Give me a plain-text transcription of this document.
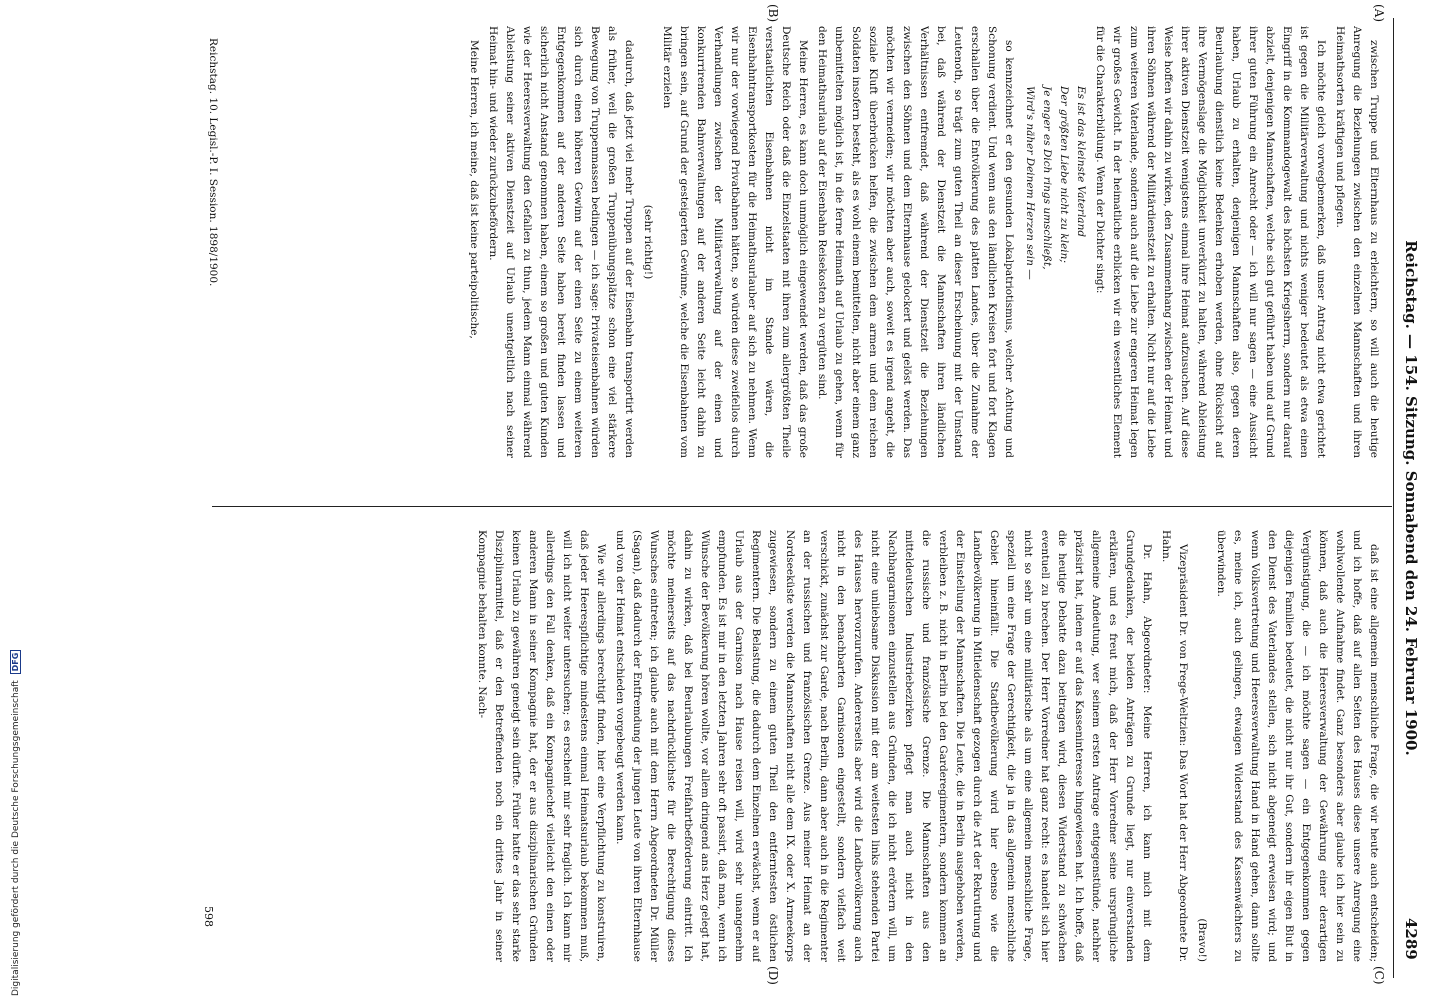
Reichstag. — 154. Sitzung. Sonnabend den 24. Februar 1900.
4289
(A)
(B)
(C)
(D)

zwischen Truppe und Elternhaus zu erleichtern, so will auch die heutige Anregung die Beziehungen zwischen den einzelnen Mannschaften und ihren Heimathsorten kräftigen und pflegen.

Ich möchte gleich vorwegbemerken, daß unser Antrag nicht etwa gerichtet ist gegen die Militärverwaltung und nichts weniger bedeutet als etwa einen Eingriff in die Kommandogewalt des höchsten Kriegsherrn, sondern nur darauf abzielt, denjenigen Mannschaften, welche sich gut geführt haben und auf Grund ihrer guten Führung ein Anrecht oder — ich will nur sagen — eine Aussicht haben, Urlaub zu erhalten, denjenigen Mannschaften also, gegen deren Beurlaubung dienstlich keine Bedenken erhoben werden, ohne Rücksicht auf ihre Vermögenslage die Möglichkeit unverkürzt zu halten, während Ableistung ihrer aktiven Dienstzeit wenigstens einmal ihre Heimat aufzusuchen. Auf diese Weise hoffen wir dahin zu wirken, den Zusammenhang zwischen der Heimat und ihren Söhnen während der Militärdienstzeit zu erhalten. Nicht nur auf die Liebe zum weiteren Vaterlande, sondern auch auf die Liebe zur engeren Heimat legen wir großes Gewicht. In der heimatliche erblicken wir ein wesentliches Element für die Charakterbildung. Wenn der Dichter singt:

Es ist das kleinste Vaterland
Der größten Liebe nicht zu klein;
Je enger es Dich rings umschließt,
Wird's näher Deinem Herzen sein —

so kennzeichnet er den gesunden Lokalpatriotismus, welcher Achtung und Schonung verdient. Und wenn aus den ländlichen Kreisen fort und fort Klagen erschallen über die Entvölkerung des platten Landes, über die Zunahme der Leutenoth, so trägt zum guten Theil an dieser Erscheinung mit der Umstand bei, daß während der Dienstzeit die Mannschaften ihren ländlichen Verhältnissen entfremdet, daß während der Dienstzeit die Beziehungen zwischen den Söhnen und dem Elternhause gelockert und gelöst werden. Das möchten wir vermeiden; wir möchten aber auch, soweit es irgend angeht, die soziale Kluft überbrücken helfen, die zwischen dem armen und dem reichen Soldaten insofern besteht, als es wohl einem bemittelten, nicht aber einem ganz unbemittelten möglich ist, in die ferne Heimath auf Urlaub zu gehen, wenn für den Heimathsurlaub auf der Eisenbahn Reisekosten zu vergüten sind.

Meine Herren, es kann doch unmöglich eingewendet werden, daß das große Deutsche Reich oder daß die Einzelstaaten mit ihren zum allergrößten Theile verstaatlichten Eisenbahnen nicht im Stande wären, die Eisenbahntransportkosten für die Heimathsurlauber auf sich zu nehmen. Wenn wir nur der vorwiegend Privatbahnen hätten, so würden diese zweifellos durch Verhandlungen zwischen der Militärverwaltung auf der einen und konkurrirenden Bahnverwaltungen auf der anderen Seite leicht dahin zu bringen sein, auf Grund der gesteigerten Gewinne, welche die Eisenbahnen vom Militär erzielen

(sehr richtig!)

dadurch, daß jetzt viel mehr Truppen auf der Eisenbahn transportirt werden als früher, weil die großen Truppenübungsplätze schon eine viel stärkere Bewegung von Truppenmassen bedingen — ich sage: Privateisenbahnen würden sich durch einen höheren Gewinn auf der einen Seite zu einem weiteren Entgegenkommen auf der anderen Seite haben bereit finden lassen und sicherlich nicht Anstand genommen haben, einem so großen und guten Kunden wie der Heeresverwaltung den Gefallen zu thun, jedem Mann einmal während Ableistung seiner aktiven Dienstzeit auf Urlaub unentgeltlich nach seiner Heimat hin- und wieder zurückzubefördern.

Meine Herren, ich meine, daß ist keine parteipolitische,

daß ist eine allgemein menschliche Frage, die wir heute auch entscheiden; und ich hoffe, daß auf allen Seiten des Hauses diese unsere Anregung eine wohlwollende Aufnahme findet. Ganz besonders aber glaube ich hier sein zu können, daß auch die Heeresverwaltung der Gewährung einer derartigen Vergünstigung, die — ich möchte sagen — ein Entgegenkommen gegen diejenigen Familien bedeutet, die nicht nur ihr Gut, sondern ihr eigen Blut in den Dienst des Vaterlandes stellen, sich nicht abgeneigt erweisen wird; und wenn Volksvertretung und Heeresverwaltung Hand in Hand gehen, dann sollte es, meine ich, auch gelingen, etwaigen Widerstand des Kassenwächters zu überwinden.

(Bravo!)

Vizepräsident Dr. von Frege-Weltzien: Das Wort hat der Herr Abgeordnete Dr. Hahn.

Dr. Hahn, Abgeordneter: Meine Herren, ich kann mich mit dem Grundgedanken, der beiden Anträgen zu Grunde liegt, nur einverstanden erklären, und es freut mich, daß der Herr Vorredner seine ursprüngliche allgemeine Andeutung, wer seinem ersten Antrage entgegenstünde, nachher präzisirt hat, indem er auf das Kasseninteresse hingewiesen hat. Ich hoffe, daß die heutige Debatte dazu beitragen wird, diesen Widerstand zu schwächen eventuell zu brechen. Der Herr Vorredner hat ganz recht: es handelt sich hier nicht so sehr um eine militärische als um eine allgemein menschliche Frage, speziell um eine Frage der Gerechtigkeit, die ja in das allgemein menschliche Gebiet hineinfällt. Die Stadtbevölkerung wird hier ebenso wie die Landbevölkerung in Mitleidenschaft gezogen durch die Art der Rekrutirung und der Einstellung der Mannschaften. Die Leute, die in Berlin ausgehoben werden, verbleiben z. B. nicht in Berlin bei den Garderegimentern, sondern kommen an die russische und französische Grenze. Die Mannschaften aus den mitteldeutschen Industriebezirken pflegt man auch nicht in den Nachbargarnisonen einzustellen aus Gründen, die ich nicht erörtern will, um nicht eine unliebsame Diskussion mit der am weitesten links stehenden Partei des Hauses hervorzurufen. Andererseits aber wird die Landbevölkerung auch nicht in den benachbarten Garnisonen eingestellt, sondern vielfach weit verschickt, zunächst zur Garde, nach Berlin, dann aber auch in die Regimenter an der russischen und französischen Grenze. Aus meiner Heimat an der Nordseeküste werden die Mannschaften nicht alle dem IX. oder X. Armeekorps zugewiesen, sondern zu einem guten Theil den entferntesten östlichen Regimentern. Die Belastung, die dadurch dem Einzelnen erwächst, wenn er auf Urlaub aus der Garnison nach Hause reisen will, wird sehr unangenehm empfunden. Es ist mir in den letzten Jahren sehr oft passirt, daß man, wenn ich Wünsche der Bevölkerung hören wollte, vor allem dringend ans Herz gelegt hat, dahin zu wirken, daß bei Beurlaubungen Freifahrtbeförderung eintritt. Ich möchte meinerseits auf das nachdrücklichste für die Berechtigung dieses Wunsches eintreten; ich glaube auch mit dem Herrn Abgeordneten Dr. Müller (Sagan), daß dadurch der Entfremdung der jungen Leute von ihren Elternhause und von der Heimat entschieden vorgebeugt werden kann.

Wie wir allerdings berechtigt finden, hier eine Verpflichtung zu konstruiren, daß jeder Heerespflichtige mindestens einmal Heimatsurlaub bekommen muß, will ich nicht weiter untersuchen; es erscheint mir sehr fraglich. Ich kann mir allerdings den Fall denken, daß ein Kompagniechef vielleicht den einen oder anderen Mann in seiner Kompagnie hat, der er aus disziplinarischen Gründen keinen Urlaub zu gewähren geneigt sein dürfte. Früher hatte er das sehr starke Disziplinarmittel, daß er den Betreffenden noch ein drittes Jahr in seiner Kompagnie behalten konnte. Nach-

Reichstag. 10. Legisl.-P. I. Session. 1898/1900.
598
Digitalisierung gefördert durch die Deutsche Forschungsgemeinschaft DFG
